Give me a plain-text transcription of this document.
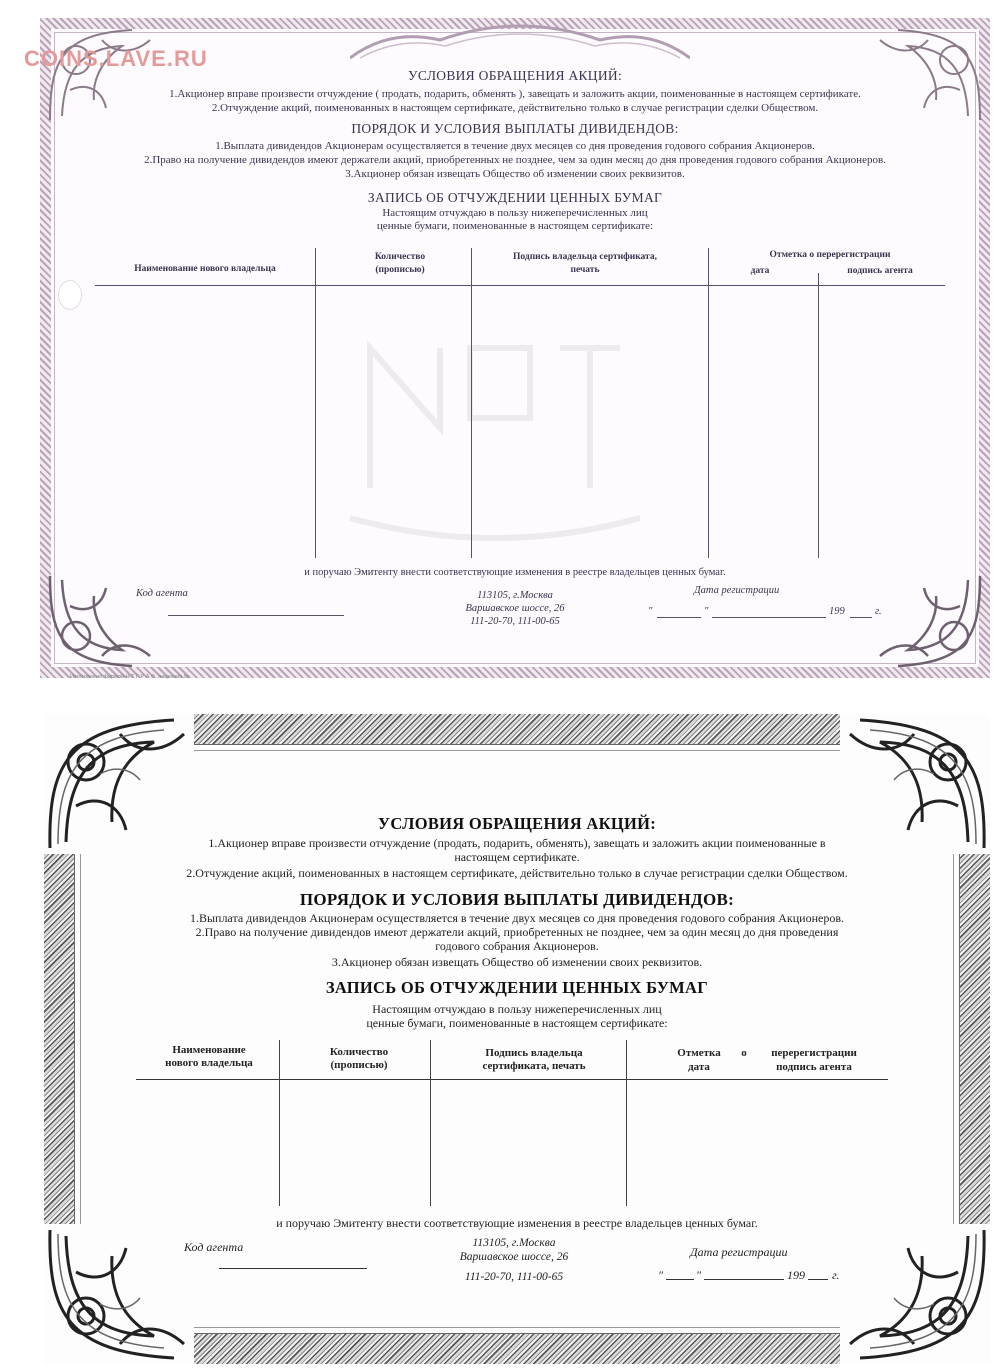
COINS.LAVE.RU
УСЛОВИЯ ОБРАЩЕНИЯ АКЦИЙ:
1.Акционер вправе произвести отчуждение ( продать, подарить, обменять ), завещать и заложить акции, поименованные в настоящем сертификате.
2.Отчуждение акций, поименованных в настоящем сертификате, действительно только в случае регистрации сделки Обществом.
ПОРЯДОК И УСЛОВИЯ ВЫПЛАТЫ ДИВИДЕНДОВ:
1.Выплата дивидендов Акционерам осуществляется в течение двух месяцев со дня проведения годового собрания Акционеров.
2.Право на получение дивидендов имеют держатели акций, приобретенных не позднее, чем за один месяц до дня проведения годового собрания Акционеров.
3.Акционер обязан извещать Общество об изменении своих реквизитов.
ЗАПИСЬ ОБ ОТЧУЖДЕНИИ ЦЕННЫХ БУМАГ
Настоящим отчуждаю в пользу нижеперечисленных лиц
ценные бумаги, поименованные в настоящем сертификате:
Наименование нового владельца
Количество
(прописью)
Подпись владельца сертификата,
печать
Отметка о перерегистрации
дата	подпись агента
и поручаю Эмитенту внести соответствующие изменения в реестре владельцев ценных бумаг.
Код агента	113105, г.Москва
Варшавское шоссе, 26
111-20-70, 111-00-65
Дата регистрации
"	"	199	г.
Изготовлено фирмой Н Т Г Р А Ф, лицензия №
УСЛОВИЯ ОБРАЩЕНИЯ АКЦИЙ:
1.Акционер вправе произвести отчуждение (продать, подарить, обменять), завещать и заложить акции поименованные в
настоящем сертификате.
2.Отчуждение акций, поименованных в настоящем сертификате, действительно только в случае регистрации сделки Обществом.
ПОРЯДОК И УСЛОВИЯ ВЫПЛАТЫ ДИВИДЕНДОВ:
1.Выплата дивидендов Акционерам осуществляется в течение двух месяцев со дня проведения годового собрания Акционеров.
2.Право на получение дивидендов имеют держатели акций, приобретенных не позднее, чем за один месяц до дня проведения
годового собрания Акционеров.
3.Акционер обязан извещать Общество об изменении своих реквизитов.
ЗАПИСЬ ОБ ОТЧУЖДЕНИИ ЦЕННЫХ БУМАГ
Настоящим отчуждаю в пользу нижеперечисленных лиц
ценные бумаги, поименованные в настоящем сертификате:
Наименование
нового владельца
Количество
(прописью)
Подпись владельца
сертификата, печать
Отметка	о	перерегистрации
дата	подпись агента
и поручаю Эмитенту внести соответствующие изменения в реестре владельцев ценных бумаг.
Код агента	113105, г.Москва
Варшавское шоссе, 26
111-20-70, 111-00-65
Дата регистрации
"	"	199 г.
